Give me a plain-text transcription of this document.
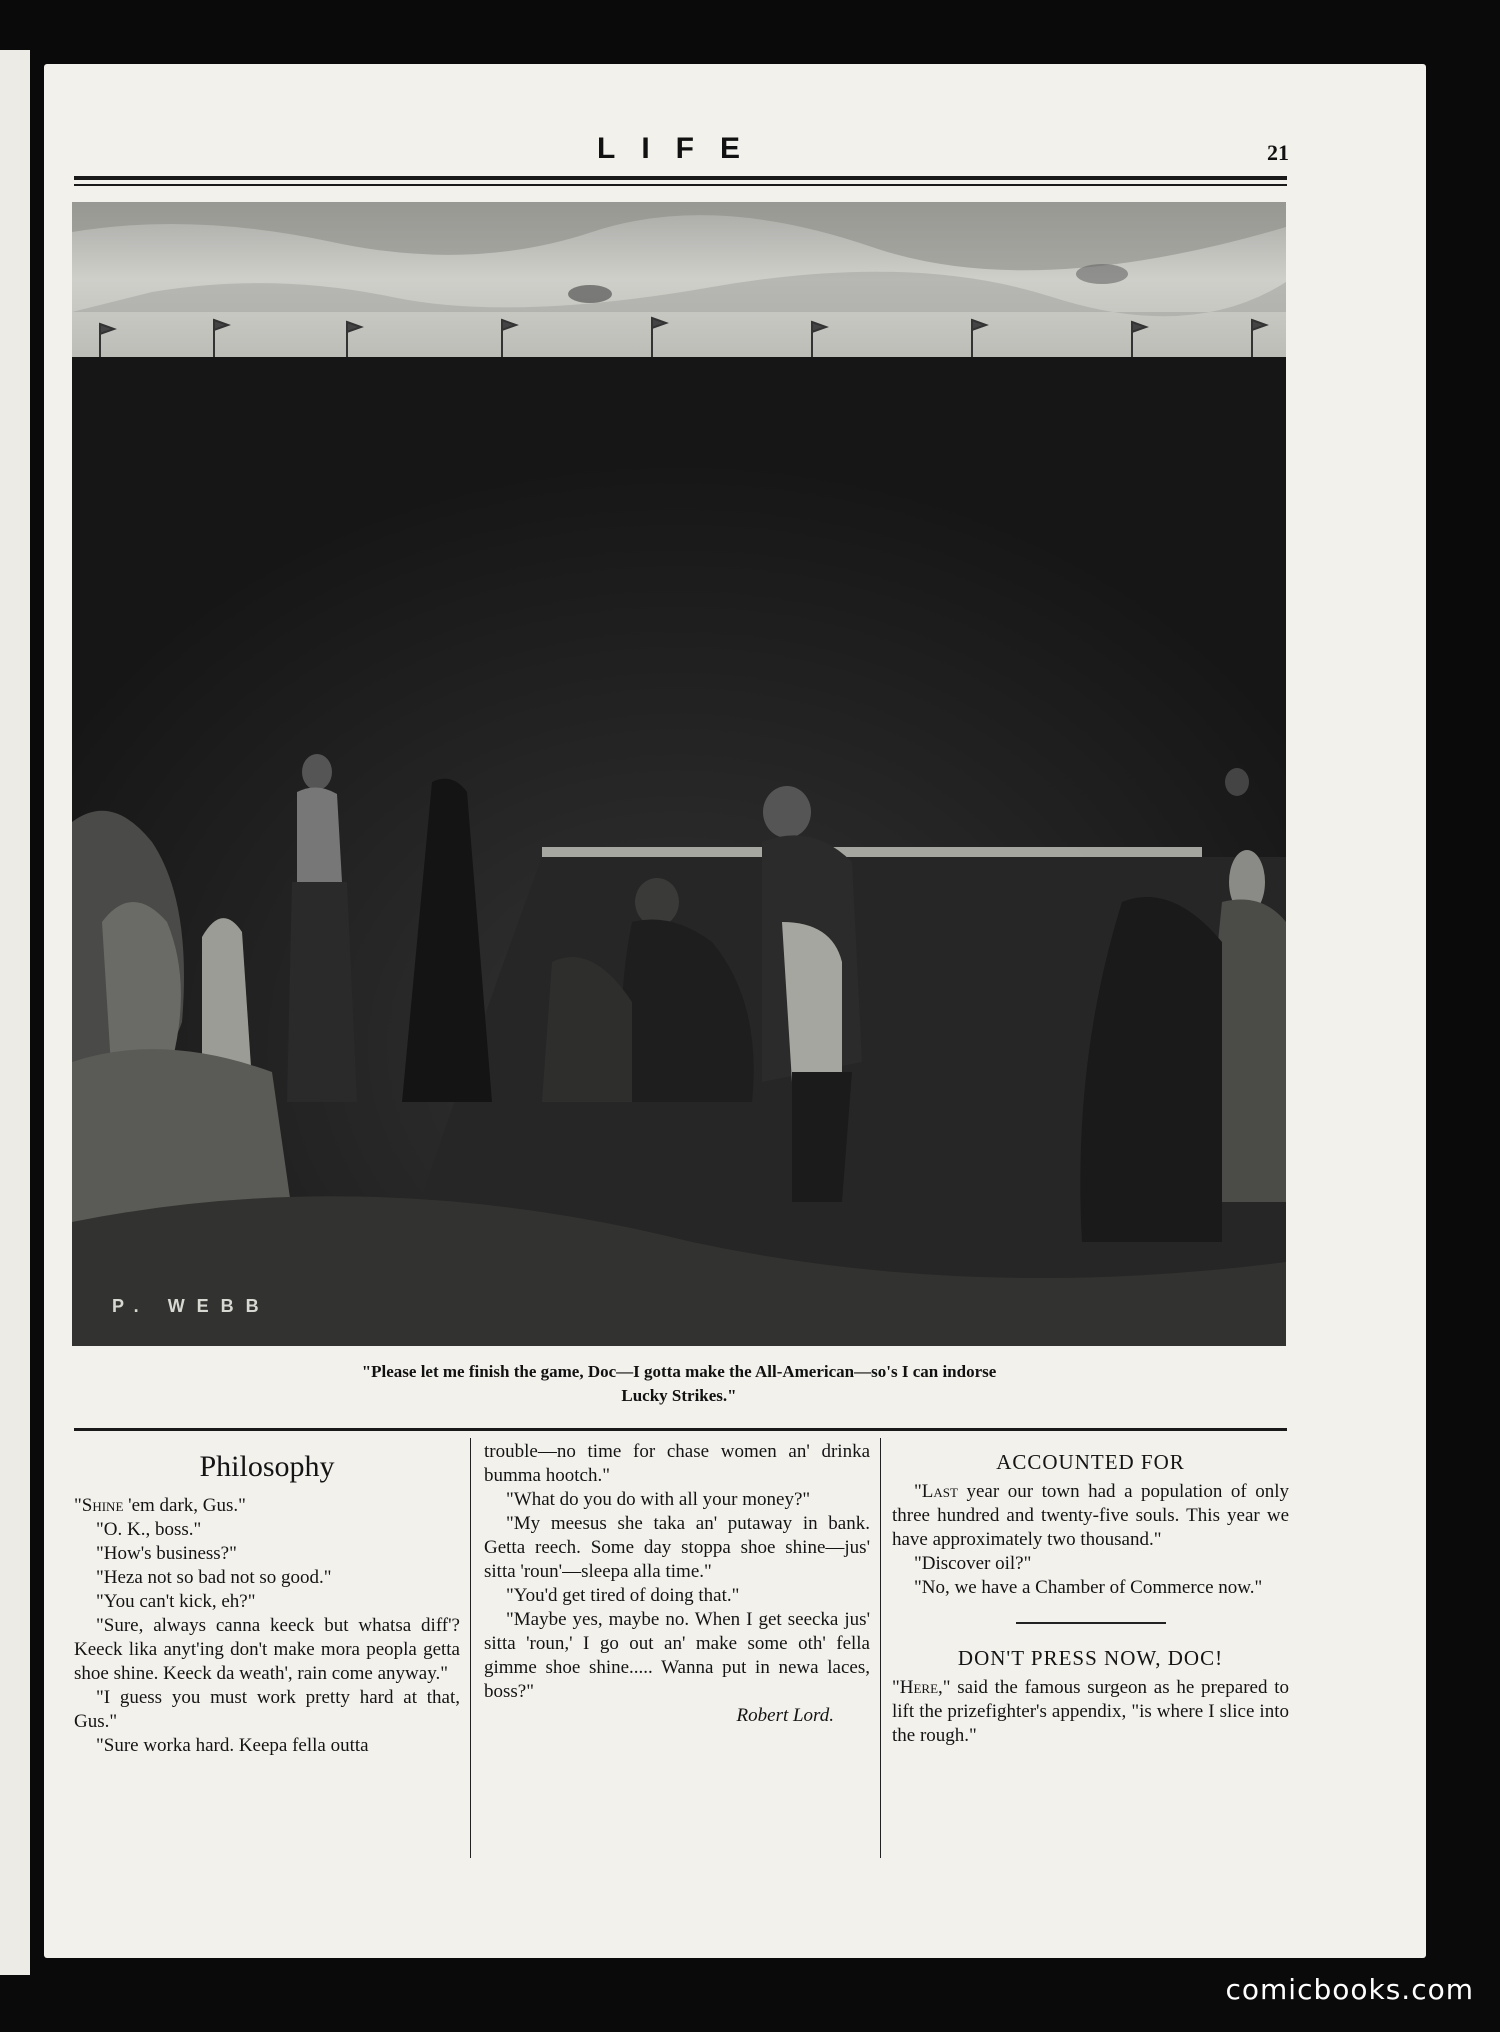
LIFE	21
P. WEBB
"Please let me finish the game, Doc—I gotta make the All-American—so's I can indorse
Lucky Strikes."

Philosophy

"Shine 'em dark, Gus."

"O. K., boss."

"How's business?"

"Heza not so bad not so good."

"You can't kick, eh?"

"Sure, always canna keeck but whatsa diff'? Keeck lika anyt'ing don't make mora peopla getta shoe shine. Keeck da weath', rain come anyway."

"I guess you must work pretty hard at that, Gus."

"Sure worka hard. Keepa fella outta

trouble—no time for chase women an' drinka bumma hootch."

"What do you do with all your money?"

"My meesus she taka an' putaway in bank. Getta reech. Some day stoppa shoe shine—jus' sitta 'roun'—sleepa alla time."

"You'd get tired of doing that."

"Maybe yes, maybe no. When I get seecka jus' sitta 'roun,' I go out an' make some oth' fella gimme shoe shine..... Wanna put in newa laces, boss?"

Robert Lord.

ACCOUNTED FOR

"Last year our town had a population of only three hundred and twenty-five souls. This year we have approximately two thousand."

"Discover oil?"

"No, we have a Chamber of Commerce now."

DON'T PRESS NOW, DOC!

"Here," said the famous surgeon as he prepared to lift the prizefighter's appendix, "is where I slice into the rough."

comicbooks.com
